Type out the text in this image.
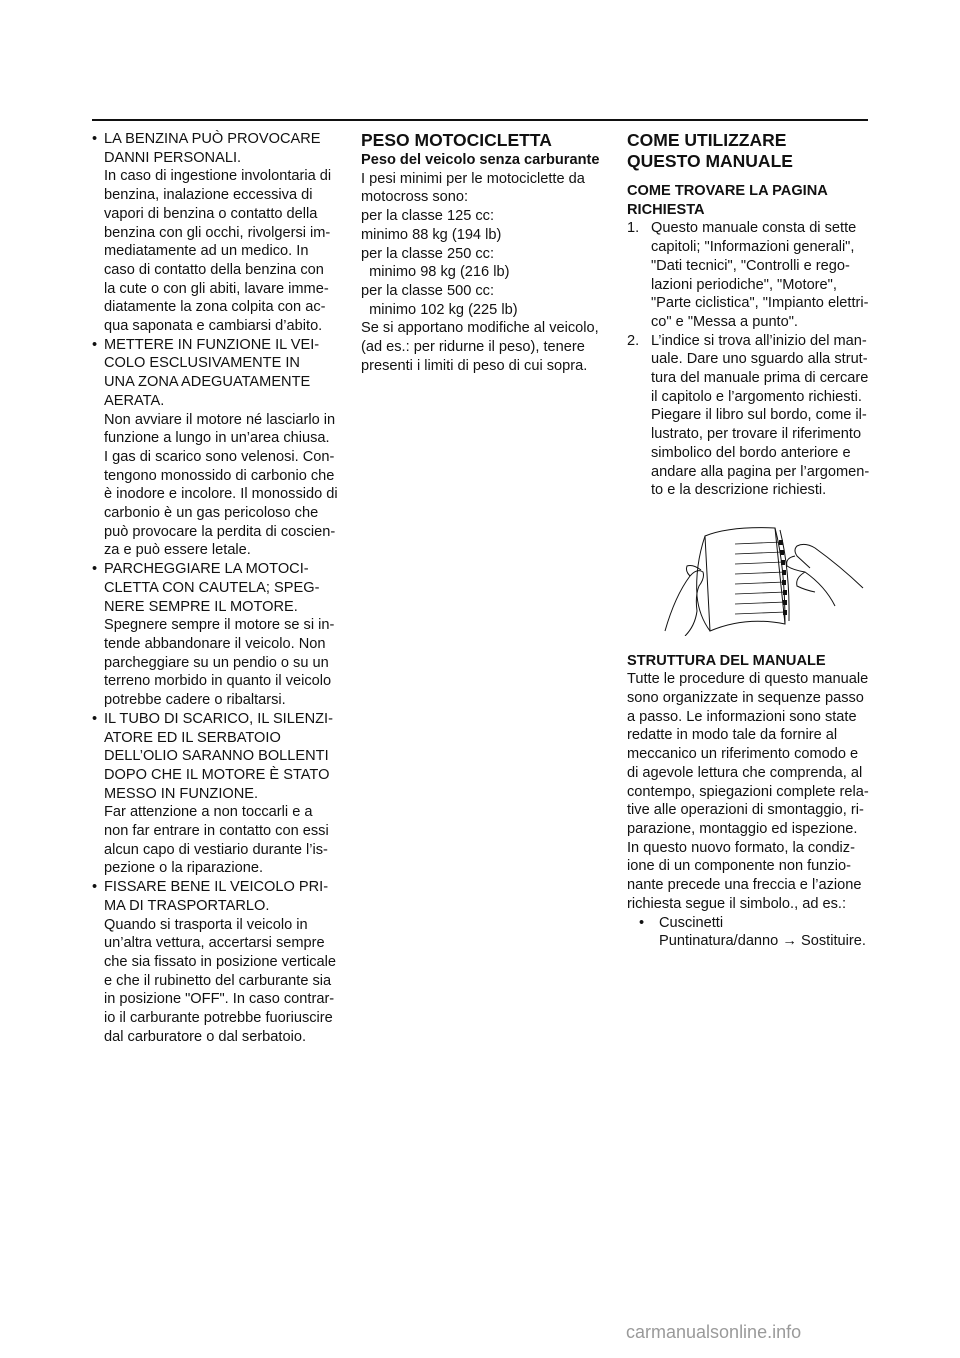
• LA BENZINA PUÒ PROVOCARE
DANNI PERSONALI.
In caso di ingestione involontaria di
benzina, inalazione eccessiva di
vapori di benzina o contatto della
benzina con gli occhi, rivolgersi im-
mediatamente ad un medico. In
caso di contatto della benzina con
la cute o con gli abiti, lavare imme-
diatamente la zona colpita con ac-
qua saponata e cambiarsi d’abito.
• METTERE IN FUNZIONE IL VEI-
COLO ESCLUSIVAMENTE IN
UNA ZONA ADEGUATAMENTE
AERATA.
Non avviare il motore né lasciarlo in
funzione a lungo in un’area chiusa.
I gas di scarico sono velenosi. Con-
tengono monossido di carbonio che
è inodore e incolore. Il monossido di
carbonio è un gas pericoloso che
può provocare la perdita di coscien-
za e può essere letale.
• PARCHEGGIARE LA MOTOCI-
CLETTA CON CAUTELA; SPEG-
NERE SEMPRE IL MOTORE.
Spegnere sempre il motore se si in-
tende abbandonare il veicolo. Non
parcheggiare su un pendio o su un
terreno morbido in quanto il veicolo
potrebbe cadere o ribaltarsi.
• IL TUBO DI SCARICO, IL SILENZI-
ATORE ED IL SERBATOIO
DELL’OLIO SARANNO BOLLENTI
DOPO CHE IL MOTORE È STATO
MESSO IN FUNZIONE.
Far attenzione a non toccarli e a
non far entrare in contatto con essi
alcun capo di vestiario durante l’is-
pezione o la riparazione.
• FISSARE BENE IL VEICOLO PRI-
MA DI TRASPORTARLO.
Quando si trasporta il veicolo in
un’altra vettura, accertarsi sempre
che sia fissato in posizione verticale
e che il rubinetto del carburante sia
in posizione "OFF". In caso contrar-
io il carburante potrebbe fuoriuscire
dal carburatore o dal serbatoio.
PESO MOTOCICLETTA
Peso del veicolo senza carburante
I pesi minimi per le motociclette da
motocross sono:
per la classe 125 cc:
minimo 88 kg (194 lb)
per la classe 250 cc:
minimo 98 kg (216 lb)
per la classe 500 cc:
minimo 102 kg (225 lb)
Se si apportano modifiche al veicolo,
(ad es.: per ridurne il peso), tenere
presenti i limiti di peso di cui sopra.
COME UTILIZZARE
QUESTO MANUALE
COME TROVARE LA PAGINA
RICHIESTA
1. Questo manuale consta di sette
capitoli; "Informazioni generali",
"Dati tecnici", "Controlli e rego-
lazioni periodiche", "Motore",
"Parte ciclistica", "Impianto elettri-
co" e "Messa a punto".
2. L’indice si trova all’inizio del man-
uale. Dare uno sguardo alla strut-
tura del manuale prima di cercare
il capitolo e l’argomento richiesti.
Piegare il libro sul bordo, come il-
lustrato, per trovare il riferimento
simbolico del bordo anteriore e
andare alla pagina per l’argomen-
to e la descrizione richiesti.
STRUTTURA DEL MANUALE
Tutte le procedure di questo manuale
sono organizzate in sequenze passo
a passo. Le informazioni sono state
redatte in modo tale da fornire al
meccanico un riferimento comodo e
di agevole lettura che comprenda, al
contempo, spiegazioni complete rela-
tive alle operazioni di smontaggio, ri-
parazione, montaggio ed ispezione.
In questo nuovo formato, la condiz-
ione di un componente non funzio-
nante precede una freccia e l’azione
richiesta segue il simbolo., ad es.:
• Cuscinetti
Puntinatura/danno → Sostituire.
carmanualsonline.info
